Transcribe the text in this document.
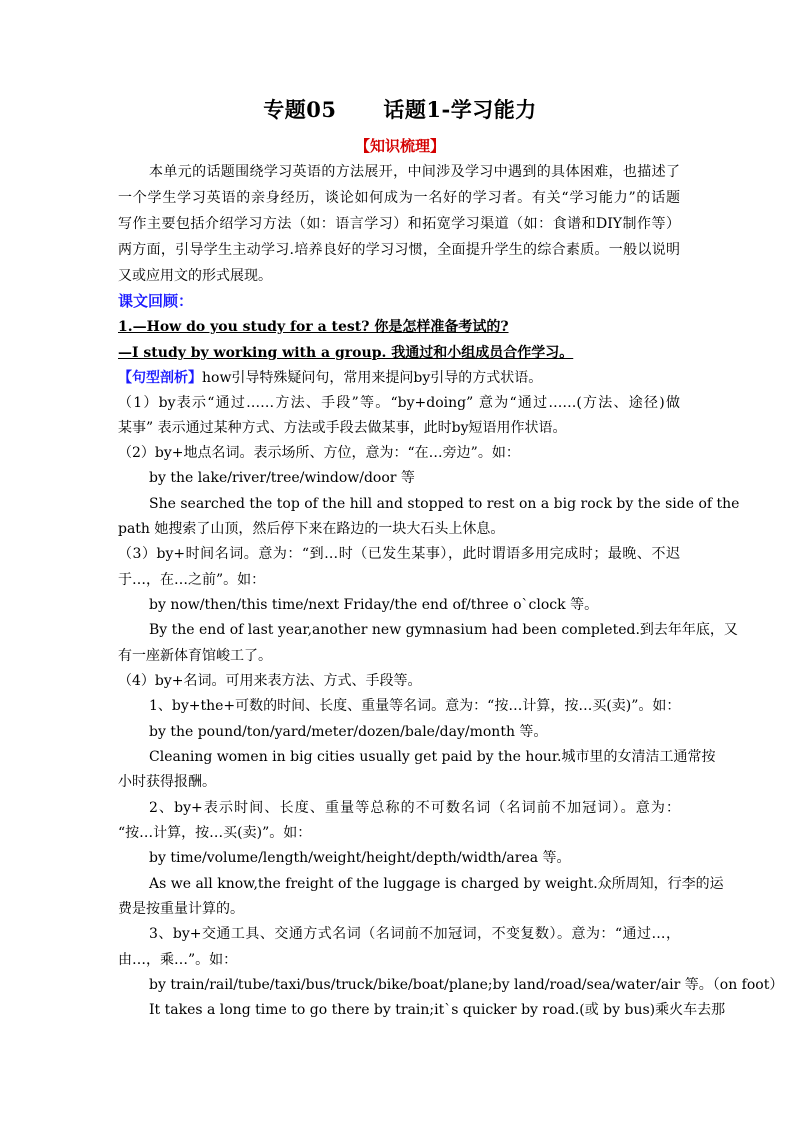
专题05      话题1-学习能力
【知识梳理】
本单元的话题围绕学习英语的方法展开，中间涉及学习中遇到的具体困难，也描述了
一个学生学习英语的亲身经历，谈论如何成为一名好的学习者。有关“学习能力”的话题
写作主要包括介绍学习方法（如：语言学习）和拓宽学习渠道（如：食谱和DIY制作等）
两方面，引导学生主动学习.培养良好的学习习惯，全面提升学生的综合素质。一般以说明
又或应用文的形式展现。
课文回顾：
1.—How do you study for a test? 你是怎样准备考试的?
—I study by working with a group. 我通过和小组成员合作学习。
【句型剖析】how引导特殊疑问句，常用来提问by引导的方式状语。
（1）by表示“通过……方法、手段”等。“by+doing” 意为“通过……(方法、途径)做
某事” 表示通过某种方式、方法或手段去做某事，此时by短语用作状语。
（2）by+地点名词。表示场所、方位，意为：“在…旁边”。如：
by the lake/river/tree/window/door 等
She searched the top of the hill and stopped to rest on a big rock by the side of the
path 她搜索了山顶，然后停下来在路边的一块大石头上休息。
（3）by+时间名词。意为：“到…时（已发生某事），此时谓语多用完成时；最晚、不迟
于…，在…之前”。如：
by now/then/this time/next Friday/the end of/three o`clock 等。
By the end of last year,another new gymnasium had been completed.到去年年底，又
有一座新体育馆峻工了。
（4）by+名词。可用来表方法、方式、手段等。
1、by+the+可数的时间、长度、重量等名词。意为：“按…计算，按…买(卖)”。如：
by the pound/ton/yard/meter/dozen/bale/day/month 等。
Cleaning women in big cities usually get paid by the hour.城市里的女清洁工通常按
小时获得报酬。
2、by+表示时间、长度、重量等总称的不可数名词（名词前不加冠词）。意为：
“按…计算，按…买(卖)”。如：
by time/volume/length/weight/height/depth/width/area 等。
As we all know,the freight of the luggage is charged by weight.众所周知，行李的运
费是按重量计算的。
3、by+交通工具、交通方式名词（名词前不加冠词，不变复数）。意为：“通过…，
由…，乘…”。如：
by train/rail/tube/taxi/bus/truck/bike/boat/plane;by land/road/sea/water/air 等。（on foot）
It takes a long time to go there by train;it`s quicker by road.(或 by bus)乘火车去那
